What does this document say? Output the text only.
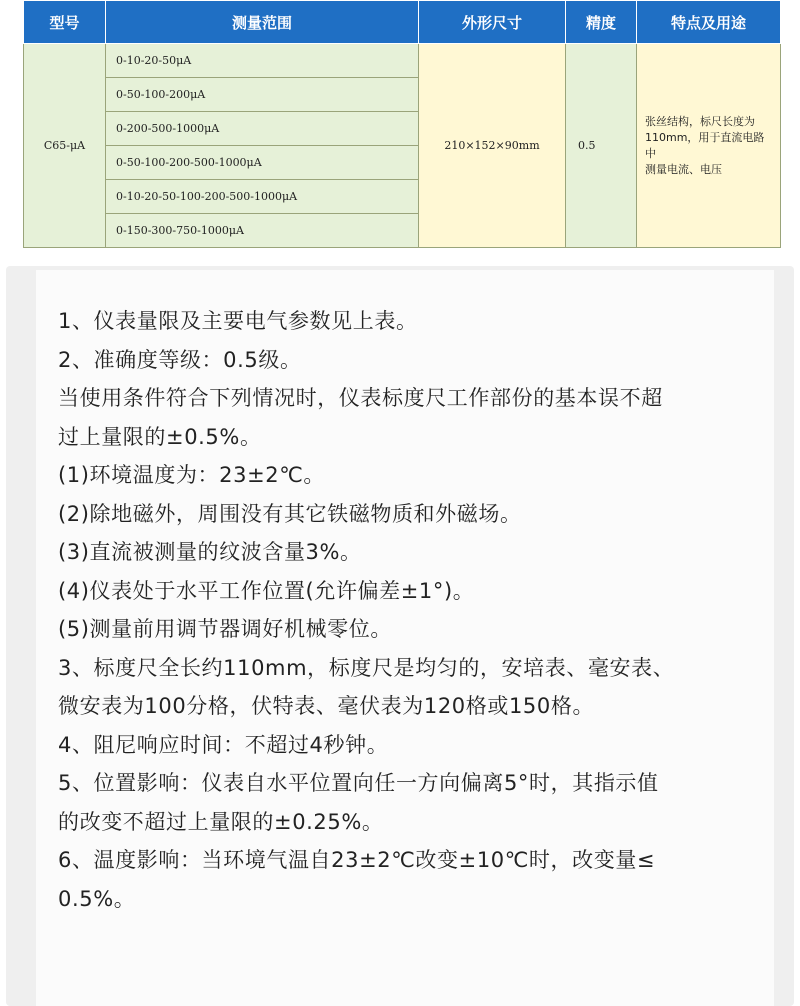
型号	测量范围	外形尺寸	精度	特点及用途
C65-μA	0-10-20-50μA	210×152×90mm	0.5	张丝结构，标尺长度为
110mm，用于直流电路中
测量电流、电压

	0-50-100-200μA			
	0-200-500-1000μA			
	0-50-100-200-500-1000μA			
	0-10-20-50-100-200-500-1000μA			
	0-150-300-750-1000μA			
1、仪表量限及主要电气参数见上表。
2、准确度等级：0.5级。
当使用条件符合下列情况时，仪表标度尺工作部份的基本误不超
过上量限的±0.5%。
(1)环境温度为：23±2℃。
(2)除地磁外，周围没有其它铁磁物质和外磁场。
(3)直流被测量的纹波含量3%。
(4)仪表处于水平工作位置(允许偏差±1°)。
(5)测量前用调节器调好机械零位。
3、标度尺全长约110mm，标度尺是均匀的，安培表、毫安表、
微安表为100分格，伏特表、毫伏表为120格或150格。
4、阻尼响应时间：不超过4秒钟。
5、位置影响：仪表自水平位置向任一方向偏离5°时，其指示值
的改变不超过上量限的±0.25%。
6、温度影响：当环境气温自23±2℃改变±10℃时，改变量≤
0.5%。
